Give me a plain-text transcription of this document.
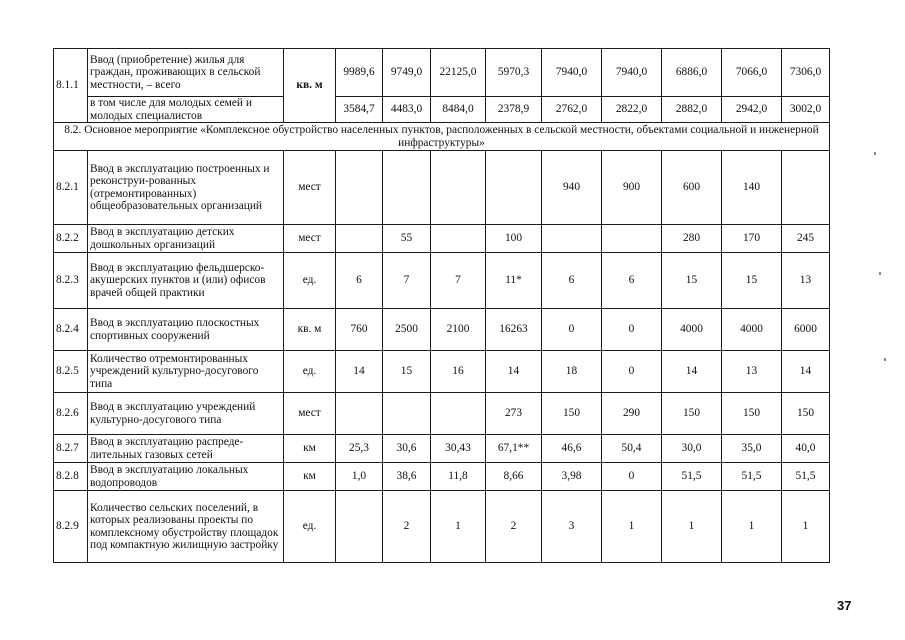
8.1.1	Ввод (приобретение) жилья для граждан, проживающих в сельской местности, – всего	кв. м	9989,6	9749,0	22125,0	5970,3	7940,0	7940,0	6886,0	7066,0	7306,0
	в том числе для молодых семей и молодых специалистов		3584,7	4483,0	8484,0	2378,9	2762,0	2822,0	2882,0	2942,0	3002,0
8.2. Основное мероприятие «Комплексное обустройство населенных пунктов, расположенных в сельской местности, объектами социальной и инженерной инфраструктуры»											
8.2.1	Ввод в эксплуатацию построенных и реконструи-рованных (отремонтированных) общеобразовательных организаций	мест					940	900	600	140	
8.2.2	Ввод в эксплуатацию детских дошкольных организаций	мест		55		100			280	170	245
8.2.3	Ввод в эксплуатацию фельдшерско-акушерских пунктов и (или) офисов врачей общей практики	ед.	6	7	7	11*	6	6	15	15	13
8.2.4	Ввод в эксплуатацию плоскостных спортивных сооружений	кв. м	760	2500	2100	16263	0	0	4000	4000	6000
8.2.5	Количество отремонтированных учреждений культурно-досугового типа	ед.	14	15	16	14	18	0	14	13	14
8.2.6	Ввод в эксплуатацию учреждений культурно-досугового типа	мест				273	150	290	150	150	150
8.2.7	Ввод в эксплуатацию распреде-лительных газовых сетей	км	25,3	30,6	30,43	67,1**	46,6	50,4	30,0	35,0	40,0
8.2.8	Ввод в эксплуатацию локальных водопроводов	км	1,0	38,6	11,8	8,66	3,98	0	51,5	51,5	51,5
8.2.9	Количество сельских поселений, в которых реализованы проекты по комплексному обустройству площадок под компактную жилищную застройку	ед.		2	1	2	3	1	1	1	1
37
